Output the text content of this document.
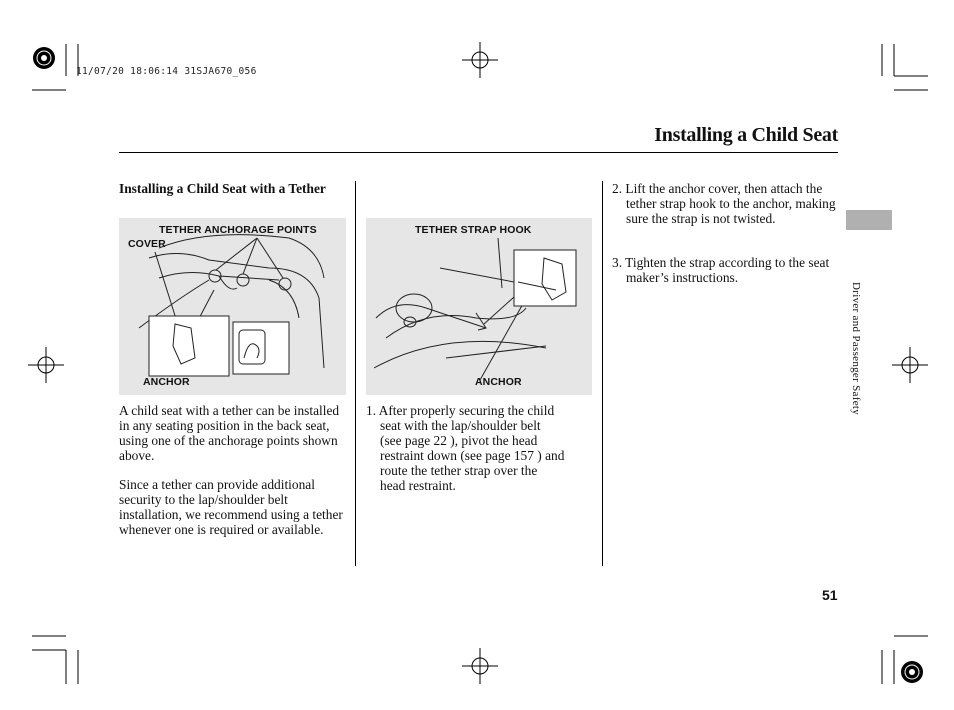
11/07/20 18:06:14 31SJA670_056
Installing a Child Seat
Installing a Child Seat with a Tether
TETHER ANCHORAGE POINTS
COVER
ANCHOR
A child seat with a tether can be installed in any seating position in the back seat, using one of the anchorage points shown above.
Since a tether can provide additional security to the lap/shoulder belt installation, we recommend using a tether whenever one is required or available.
TETHER STRAP HOOK
ANCHOR
1. After properly securing the child
seat with the lap/shoulder belt
(see page 22 ), pivot the head
restraint down (see page 157 ) and
route the tether strap over the
head restraint.
2. Lift the anchor cover, then attach the tether strap hook to the anchor, making sure the strap is not twisted.
3. Tighten the strap according to the seat maker’s instructions.
Driver and Passenger Safety
51
